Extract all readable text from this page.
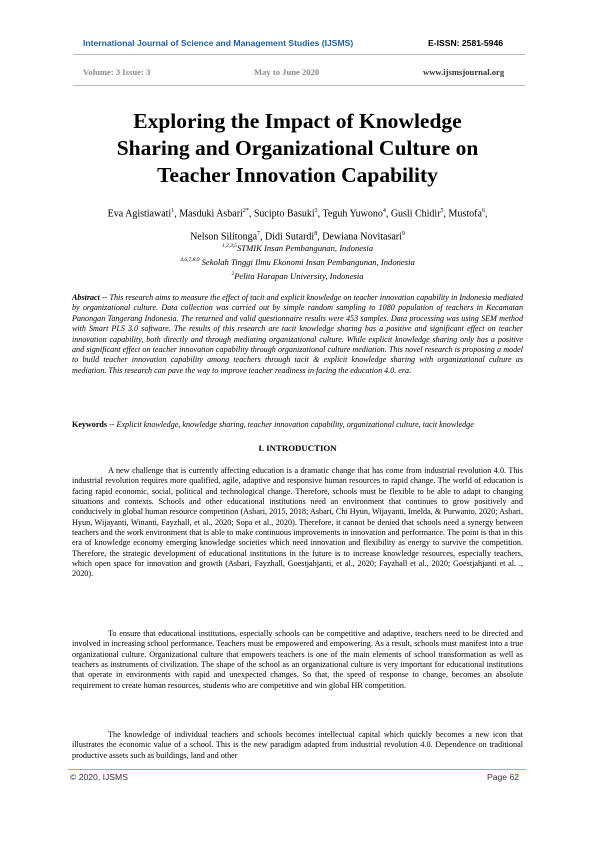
International Journal of Science and Management Studies (IJSMS)	E-ISSN: 2581-5946
Volume: 3 Issue: 3	May to June 2020	www.ijsmsjournal.org
Exploring the Impact of Knowledge
Sharing and Organizational Culture on
Teacher Innovation Capability
Eva Agistiawati$^1$, Masduki Asbari$^{2*}$, Sucipto Basuki$^3$, Teguh Yuwono$^4$, Gusli Chidir$^5$, Mustofa$^6$,
Nelson Silitonga$^7$, Didi Sutardi$^8$, Dewiana Novitasari$^9$
$^{1,2,3,5}$STMIK Insan Pembangunan, Indonesia
$^{4,6,7,8,9}$ Sekolah Tinggi Ilmu Ekonomi Insan Pembangunan, Indonesia
$^2$Pelita Harapan University, Indonesia
Abstract -- This research aims to measure the effect of tacit and explicit knowledge on teacher innovation capability in Indonesia mediated by organizational culture. Data collection was carried out by simple random sampling to 1080 population of teachers in Kecamatan Panongan Tangerang Indonesia. The returned and valid questionnaire results were 453 samples. Data processing was using SEM method with Smart PLS 3.0 software. The results of this research are tacit knowledge sharing has a positive and significant effect on teacher innovation capability, both directly and through mediating organizational culture. While explicit knowledge sharing only has a positive and significant effect on teacher innovation capability through organizational culture mediation. This novel research is proposing a model to build teacher innovation capability among teachers through tacit & explicit knowledge sharing with organizational culture as mediation. This research can pave the way to improve teacher readiness in facing the education 4.0. era.
Keywords -- Explicit knowledge, knowledge sharing, teacher innovation capability, organizational culture, tacit knowledge
I. INTRODUCTION

A new challenge that is currently affecting education is a dramatic change that has come from industrial revolution 4.0. This industrial revolution requires more qualified, agile, adaptive and responsive human resources to rapid change. The world of education is facing rapid economic, social, political and technological change. Therefore, schools must be flexible to be able to adapt to changing situations and contexts. Schools and other educational institutions need an environment that continues to grow positively and conducively in global human resource competition (Asbari, 2015, 2018; Asbari, Chi Hyun, Wijayanti, Imelda, & Purwanto, 2020; Asbari, Hyun, Wijayanti, Winanti, Fayzhall, et al., 2020; Sopa et al., 2020). Therefore, it cannot be denied that schools need a synergy between teachers and the work environment that is able to make continuous improvements in innovation and performance. The point is that in this era of knowledge economy emerging knowledge societies which need innovation and flexibility as energy to survive the competition. Therefore, the strategic development of educational institutions in the future is to increase knowledge resources, especially teachers, which open space for innovation and growth (Asbari, Fayzhall, Goestjahjanti, et al., 2020; Fayzhall et al., 2020; Goestjahjanti et al. ., 2020).

To ensure that educational institutions, especially schools can be competitive and adaptive, teachers need to be directed and involved in increasing school performance. Teachers must be empowered and empowering. As a result, schools must manifest into a true organizational culture. Organizational culture that empowers teachers is one of the main elements of school transformation as well as teachers as instruments of civilization. The shape of the school as an organizational culture is very important for educational institutions that operate in environments with rapid and unexpected changes. So that, the speed of response to change, becomes an absolute requirement to create human resources, students who are competitive and win global HR competition.

The knowledge of individual teachers and schools becomes intellectual capital which quickly becomes a new icon that illustrates the economic value of a school. This is the new paradigm adapted from industrial revolution 4.0. Dependence on traditional productive assets such as buildings, land and other

© 2020, IJSMS	Page 62
